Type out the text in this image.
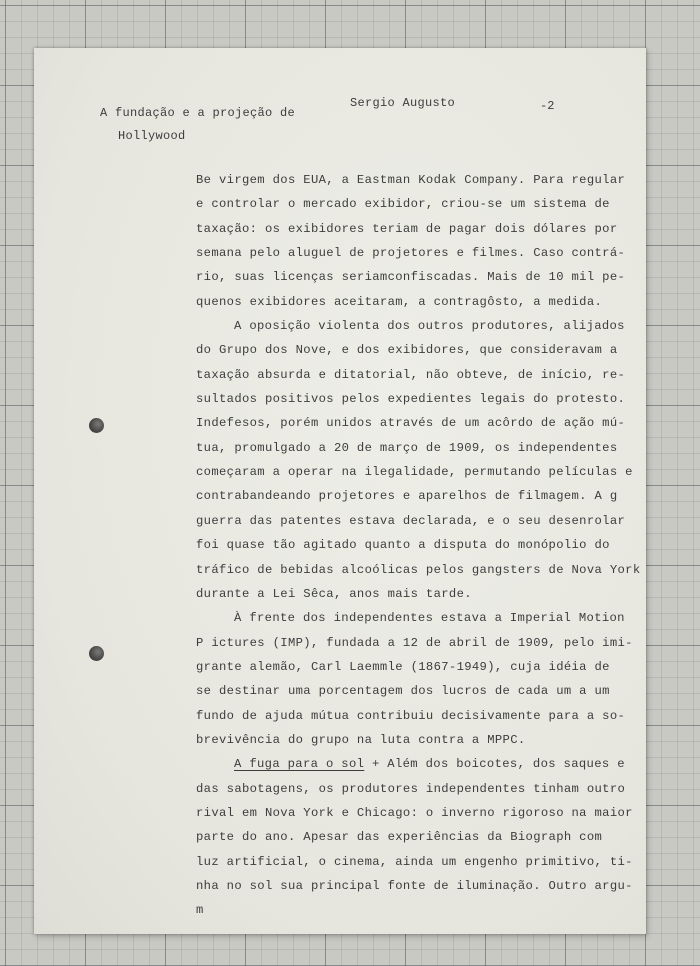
A fundação e a projeção de
Hollywood

Sergio Augusto	-2

Be virgem dos EUA, a Eastman Kodak Company. Para regular
e controlar o mercado exibidor, criou-se um sistema de
taxação: os exibidores teriam de pagar dois dólares por
semana pelo aluguel de projetores e filmes. Caso contrá-
rio, suas licenças seriamconfiscadas. Mais de 10 mil pe-
quenos exibidores aceitaram, a contragôsto, a medida.
A oposição violenta dos outros produtores, alijados
do Grupo dos Nove, e dos exibidores, que consideravam a
taxação absurda e ditatorial, não obteve, de início, re-
sultados positivos pelos expedientes legais do protesto.
Indefesos, porém unidos através de um acôrdo de ação mú-
tua, promulgado a 20 de março de 1909, os independentes
começaram a operar na ilegalidade, permutando películas e
contrabandeando projetores e aparelhos de filmagem. A g
guerra das patentes estava declarada, e o seu desenrolar
foi quase tão agitado quanto a disputa do monópolio do
tráfico de bebidas alcoólicas pelos gangsters de Nova York
durante a Lei Sêca, anos mais tarde.
À frente dos independentes estava a Imperial Motion
P ictures (IMP), fundada a 12 de abril de 1909, pelo imi-
grante alemão, Carl Laemmle (1867-1949), cuja idéia de
se destinar uma porcentagem dos lucros de cada um a um
fundo de ajuda mútua contribuiu decisivamente para a so-
brevivência do grupo na luta contra a MPPC.
A fuga para o sol + Além dos boicotes, dos saques e
das sabotagens, os produtores independentes tinham outro
rival em Nova York e Chicago: o inverno rigoroso na maior
parte do ano. Apesar das experiências da Biograph com
luz artificial, o cinema, ainda um engenho primitivo, ti-
nha no sol sua principal fonte de iluminação. Outro argu-
m
